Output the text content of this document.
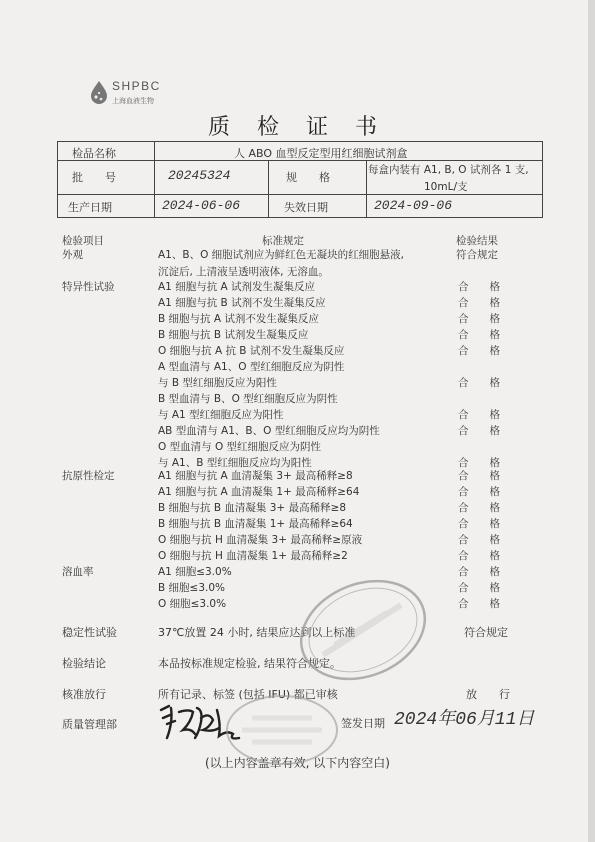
SHPBC
上海血液生物
质 检 证 书
检品名称	人 ABO 血型反定型用红细胞试剂盒
批　　号	20245324	规　　格
每盒内装有 A1, B, O 试剂各 1 支,
10mL/支
生产日期	2024-06-06	失效日期	2024-09-06
检验项目	标准规定	检验结果
外观	A1、B、O 细胞试剂应为鲜红色无凝块的红细胞悬液,
沉淀后, 上清液呈透明液体, 无溶血。
符合规定
特异性试验	A1 细胞与抗 A 试剂发生凝集反应	合　　格
A1 细胞与抗 B 试剂不发生凝集反应	合　　格
B 细胞与抗 A 试剂不发生凝集反应	合　　格
B 细胞与抗 B 试剂发生凝集反应	合　　格
O 细胞与抗 A 抗 B 试剂不发生凝集反应	合　　格
A 型血清与 A1、O 型红细胞反应为阴性
与 B 型红细胞反应为阳性	合　　格
B 型血清与 B、O 型红细胞反应为阴性
与 A1 型红细胞反应为阳性	合　　格
AB 型血清与 A1、B、O 型红细胞反应均为阴性	合　　格
O 型血清与 O 型红细胞反应为阴性
与 A1、B 型红细胞反应均为阳性	合　　格
抗原性检定	A1 细胞与抗 A 血清凝集 3+ 最高稀释≥8	合　　格
A1 细胞与抗 A 血清凝集 1+ 最高稀释≥64	合　　格
B 细胞与抗 B 血清凝集 3+ 最高稀释≥8	合　　格
B 细胞与抗 B 血清凝集 1+ 最高稀释≥64	合　　格
O 细胞与抗 H 血清凝集 3+ 最高稀释≥原液	合　　格
O 细胞与抗 H 血清凝集 1+ 最高稀释≥2	合　　格
溶血率	A1 细胞≤3.0%	合　　格
B 细胞≤3.0%	合　　格
O 细胞≤3.0%	合　　格
稳定性试验	37℃放置 24 小时, 结果应达到以上标准	符合规定
检验结论	本品按标准规定检验, 结果符合规定。
核准放行	所有记录、标签 (包括 IFU) 都已审核	放　　行
质量管理部	签发日期 2024年06月11日
(以上内容盖章有效, 以下内容空白)
